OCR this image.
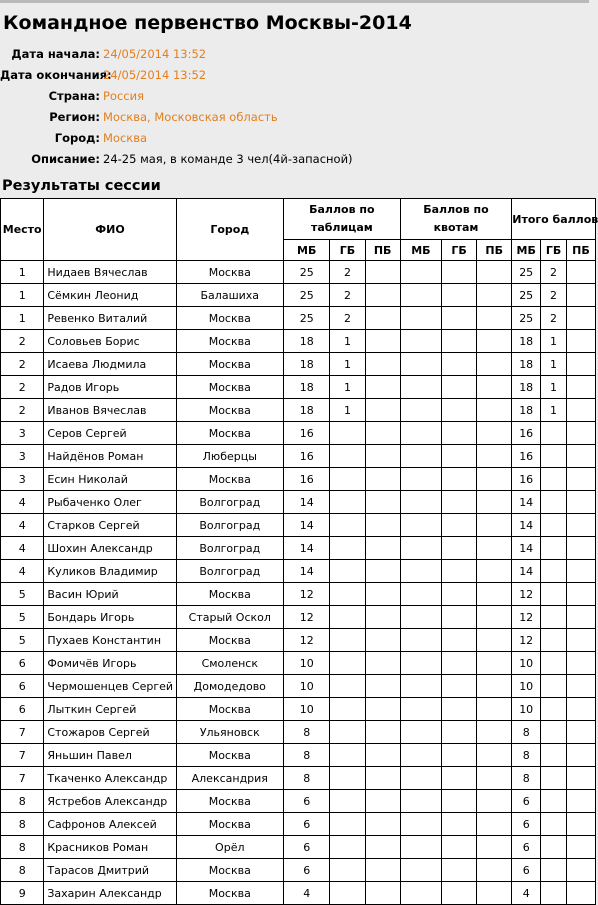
Командное первенство Москвы-2014
Дата начала: 24/05/2014 13:52
Дата окончания:24/05/2014 13:52
Страна: Россия
Регион: Москва, Московская область
Город: Москва
Описание: 24-25 мая, в команде 3 чел(4й-запасной)
Результаты сессии
Место	ФИО	Город	Баллов по таблицам			Баллов по квотам			Итого баллов		
			МБ	ГБ	ПБ	МБ	ГБ	ПБ	МБ	ГБ	ПБ
1	Нидаев Вячеслав	Москва	25	2					25	2	
1	Сёмкин Леонид	Балашиха	25	2					25	2	
1	Ревенко Виталий	Москва	25	2					25	2	
2	Соловьев Борис	Москва	18	1					18	1	
2	Исаева Людмила	Москва	18	1					18	1	
2	Радов Игорь	Москва	18	1					18	1	
2	Иванов Вячеслав	Москва	18	1					18	1	
3	Серов Сергей	Москва	16						16		
3	Найдёнов Роман	Люберцы	16						16		
3	Есин Николай	Москва	16						16		
4	Рыбаченко Олег	Волгоград	14						14		
4	Старков Сергей	Волгоград	14						14		
4	Шохин Александр	Волгоград	14						14		
4	Куликов Владимир	Волгоград	14						14		
5	Васин Юрий	Москва	12						12		
5	Бондарь Игорь	Старый Оскол	12						12		
5	Пухаев Константин	Москва	12						12		
6	Фомичёв Игорь	Смоленск	10						10		
6	Чермошенцев Сергей	Домодедово	10						10		
6	Лыткин Сергей	Москва	10						10		
7	Стожаров Сергей	Ульяновск	8						8		
7	Яньшин Павел	Москва	8						8		
7	Ткаченко Александр	Александрия	8						8		
8	Ястребов Александр	Москва	6						6		
8	Сафронов Алексей	Москва	6						6		
8	Красников Роман	Орёл	6						6		
8	Тарасов Дмитрий	Москва	6						6		
9	Захарин Александр	Москва	4						4		
